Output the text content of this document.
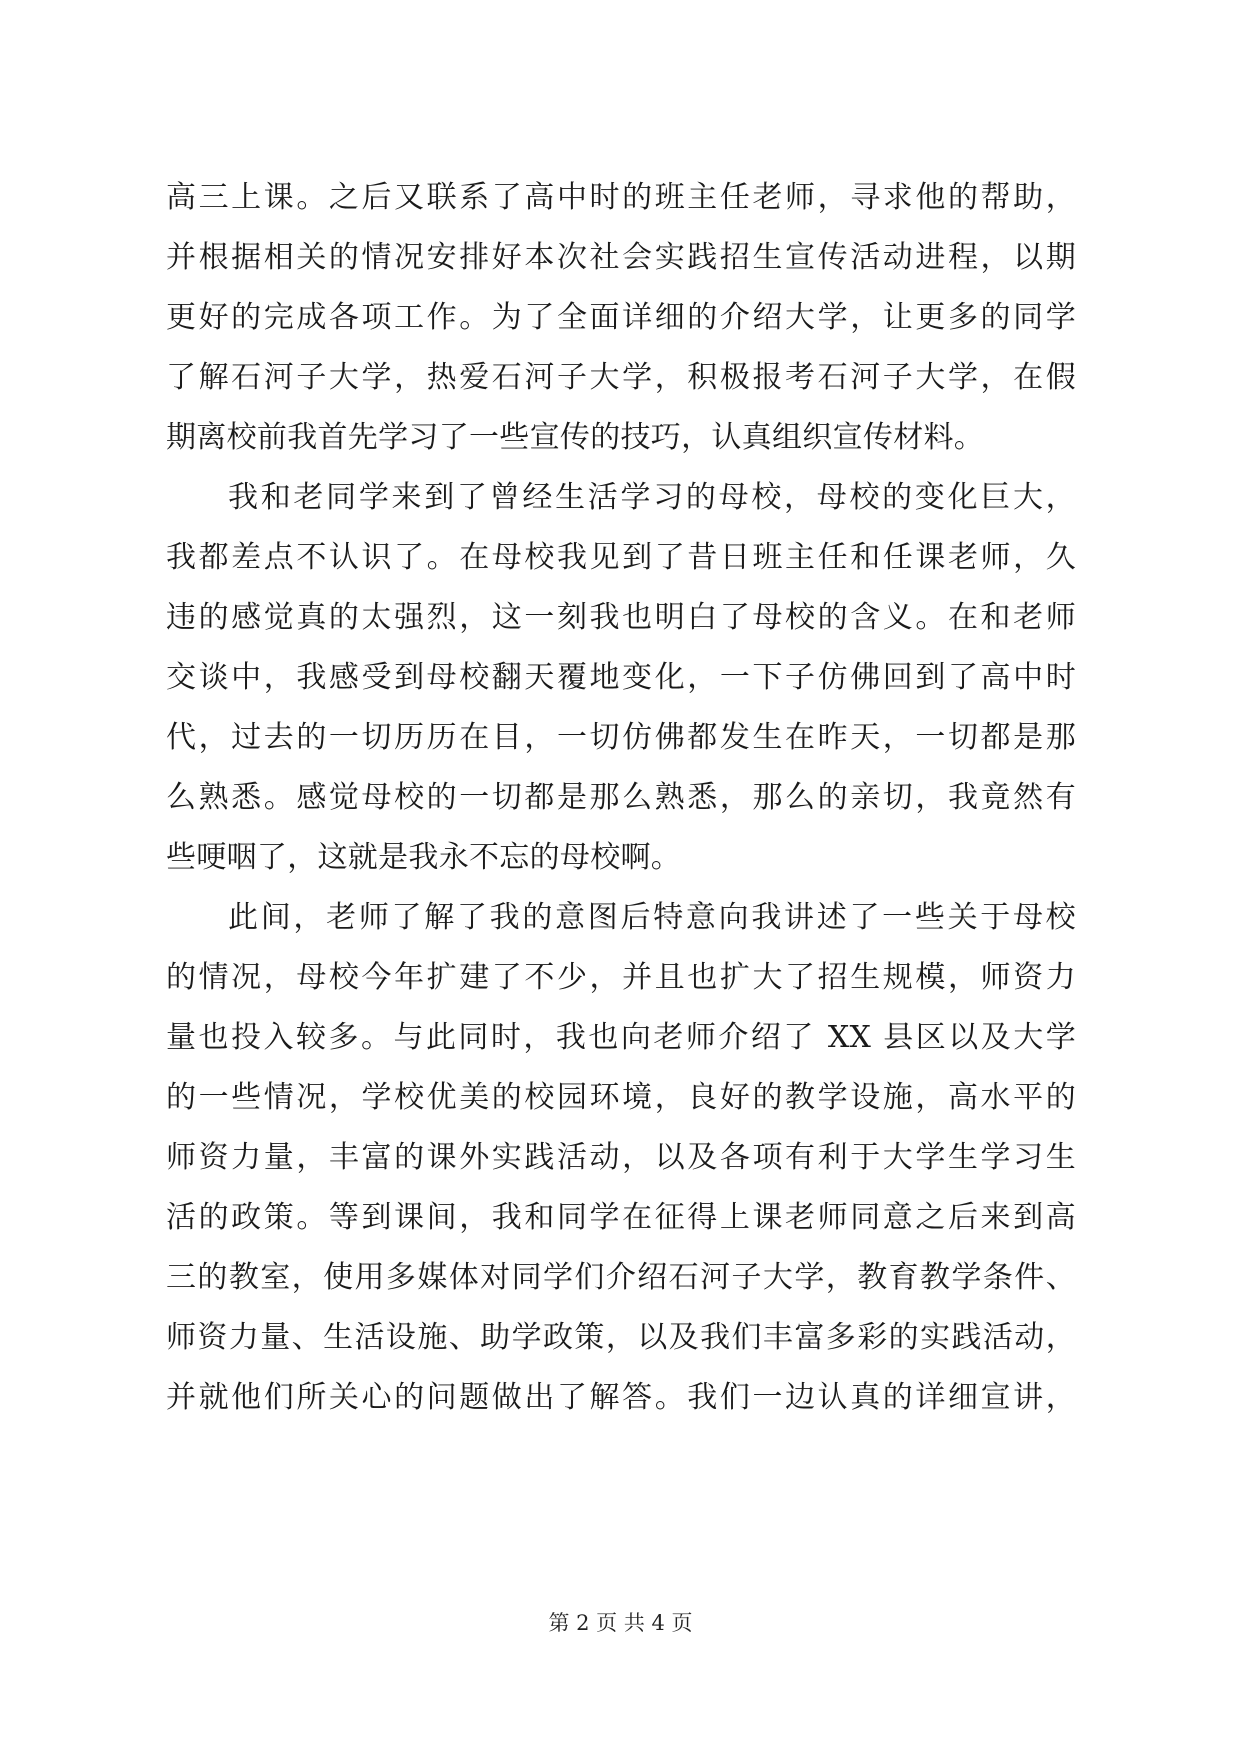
高三上课。之后又联系了高中时的班主任老师，寻求他的帮助，
并根据相关的情况安排好本次社会实践招生宣传活动进程，以期
更好的完成各项工作。为了全面详细的介绍大学，让更多的同学
了解石河子大学，热爱石河子大学，积极报考石河子大学，在假
期离校前我首先学习了一些宣传的技巧，认真组织宣传材料。
我和老同学来到了曾经生活学习的母校，母校的变化巨大，
我都差点不认识了。在母校我见到了昔日班主任和任课老师，久
违的感觉真的太强烈，这一刻我也明白了母校的含义。在和老师
交谈中，我感受到母校翻天覆地变化，一下子仿佛回到了高中时
代，过去的一切历历在目，一切仿佛都发生在昨天，一切都是那
么熟悉。感觉母校的一切都是那么熟悉，那么的亲切，我竟然有
些哽咽了，这就是我永不忘的母校啊。
此间，老师了解了我的意图后特意向我讲述了一些关于母校
的情况，母校今年扩建了不少，并且也扩大了招生规模，师资力
量也投入较多。与此同时，我也向老师介绍了 XX 县区以及大学
的一些情况，学校优美的校园环境，良好的教学设施，高水平的
师资力量，丰富的课外实践活动，以及各项有利于大学生学习生
活的政策。等到课间，我和同学在征得上课老师同意之后来到高
三的教室，使用多媒体对同学们介绍石河子大学，教育教学条件、
师资力量、生活设施、助学政策，以及我们丰富多彩的实践活动，
并就他们所关心的问题做出了解答。我们一边认真的详细宣讲，
第 2 页 共 4 页
